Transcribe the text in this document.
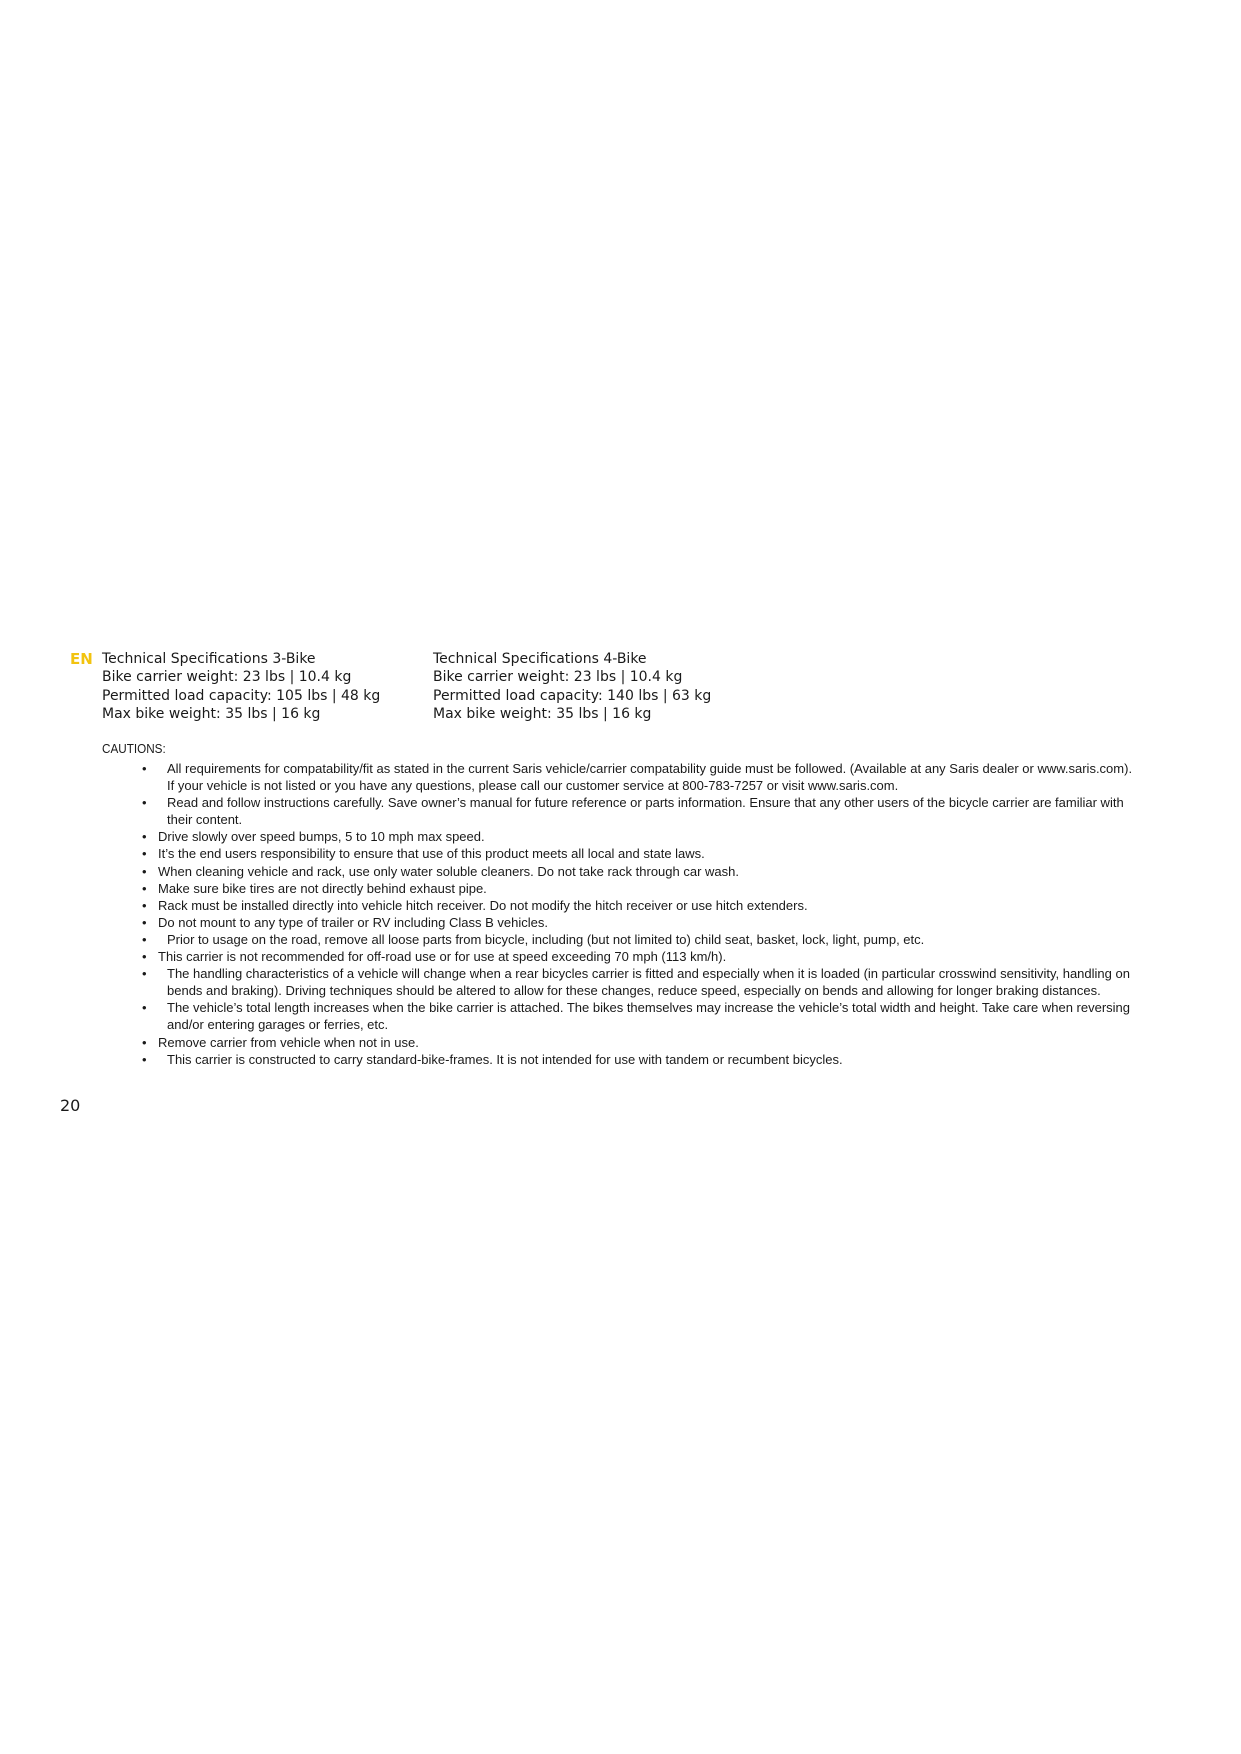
EN Technical Specifications 3-Bike
Bike carrier weight: 23 lbs | 10.4 kg
Permitted load capacity: 105 lbs | 48 kg
Max bike weight: 35 lbs | 16 kg
Technical Specifications 4-Bike
Bike carrier weight: 23 lbs | 10.4 kg
Permitted load capacity: 140 lbs | 63 kg
Max bike weight: 35 lbs | 16 kg
CAUTIONS:
• All requirements for compatability/fit as stated in the current Saris vehicle/carrier compatability guide must be followed. (Available at any Saris dealer or www.saris.com). If your vehicle is not listed or you have any questions, please call our customer service at 800-783-7257 or visit www.saris.com.
• Read and follow instructions carefully. Save owner’s manual for future reference or parts information. Ensure that any other users of the bicycle carrier are familiar with their content.
• Drive slowly over speed bumps, 5 to 10 mph max speed.
• It’s the end users responsibility to ensure that use of this product meets all local and state laws.
• When cleaning vehicle and rack, use only water soluble cleaners. Do not take rack through car wash.
• Make sure bike tires are not directly behind exhaust pipe.
• Rack must be installed directly into vehicle hitch receiver. Do not modify the hitch receiver or use hitch extenders.
• Do not mount to any type of trailer or RV including Class B vehicles.
• Prior to usage on the road, remove all loose parts from bicycle, including (but not limited to) child seat, basket, lock, light, pump, etc.
• This carrier is not recommended for off-road use or for use at speed exceeding 70 mph (113 km/h).
• The handling characteristics of a vehicle will change when a rear bicycles carrier is fitted and especially when it is loaded (in particular crosswind sensitivity, handling on bends and braking). Driving techniques should be altered to allow for these changes, reduce speed, especially on bends and allowing for longer braking distances.
• The vehicle’s total length increases when the bike carrier is attached. The bikes themselves may increase the vehicle’s total width and height. Take care when reversing and/or entering garages or ferries, etc.
• Remove carrier from vehicle when not in use.
• This carrier is constructed to carry standard-bike-frames. It is not intended for use with tandem or recumbent bicycles.
20
